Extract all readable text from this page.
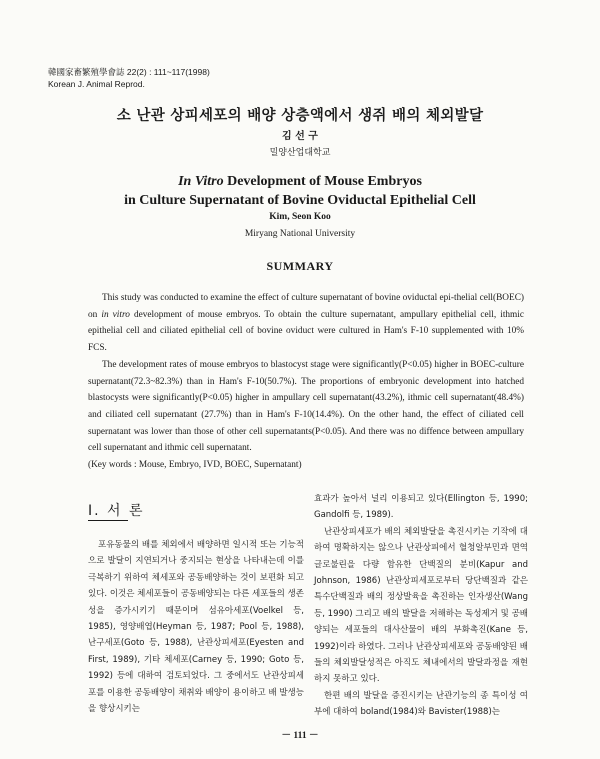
韓國家畜繁殖學會誌 22(2) : 111~117(1998)
Korean J. Animal Reprod.
소 난관 상피세포의 배양 상층액에서 생쥐 배의 체외발달
김 선 구
밀양산업대학교
In Vitro Development of Mouse Embryos
in Culture Supernatant of Bovine Oviductal Epithelial Cell
Kim, Seon Koo
Miryang National University
SUMMARY

This study was conducted to examine the effect of culture supernatant of bovine oviductal epi-thelial cell(BOEC) on in vitro development of mouse embryos. To obtain the culture supernatant, ampullary epithelial cell, ithmic epithelial cell and ciliated epithelial cell of bovine oviduct were cultured in Ham's F-10 supplemented with 10% FCS.

The development rates of mouse embryos to blastocyst stage were significantly(P<0.05) higher in BOEC-culture supernatant(72.3~82.3%) than in Ham's F-10(50.7%). The proportions of embryonic development into hatched blastocysts were significantly(P<0.05) higher in ampullary cell supernatant(43.2%), ithmic cell supernatant(48.4%) and ciliated cell supernatant (27.7%) than in Ham's F-10(14.4%). On the other hand, the effect of ciliated cell supernatant was lower than those of other cell supernatants(P<0.05). And there was no diffence between ampullary cell supernatant and ithmic cell supernatant.

(Key words : Mouse, Embryo, IVD, BOEC, Supernatant)

I. 서 론

포유동물의 배를 체외에서 배양하면 일시적 또는 기능적으로 발달이 지연되거나 중지되는 현상을 나타내는데 이를 극복하기 위하여 체세포와 공동배양하는 것이 보편화 되고 있다. 이것은 체세포들이 공동배양되는 다른 세포들의 생존성을 증가시키기 때문이며 섬유아세포(Voelkel 등, 1985), 영양배엽(Heyman 등, 1987; Pool 등, 1988), 난구세포(Goto 등, 1988), 난관상피세포(Eyesten and First, 1989), 기타 체세포(Carney 등, 1990; Goto 등, 1992) 등에 대하여 검토되었다. 그 중에서도 난관상피세포를 이용한 공동배양이 채취와 배양이 용이하고 배 발생능을 향상시키는

효과가 높아서 널리 이용되고 있다(Ellington 등, 1990; Gandolfi 등, 1989).

난관상피세포가 배의 체외발달을 촉진시키는 기작에 대하여 명확하지는 않으나 난관상피에서 혈청알부민과 면역글로불린을 다량 함유한 단백질의 분비(Kapur and Johnson, 1986) 난관상피세포로부터 당단백질과 같은 특수단백질과 배의 정상발육을 촉진하는 인자생산(Wang 등, 1990) 그리고 배의 발달을 저해하는 독성제거 및 공배양되는 세포들의 대사산물이 배의 부화촉진(Kane 등, 1992)이라 하였다. 그러나 난관상피세포와 공동배양된 배들의 체외발달성적은 아직도 체내에서의 발달과정을 재현하지 못하고 있다.

한편 배의 발달을 증진시키는 난관기능의 종 특이성 여부에 대하여 boland(1984)와 Bavister(1988)는

－ 111 －
